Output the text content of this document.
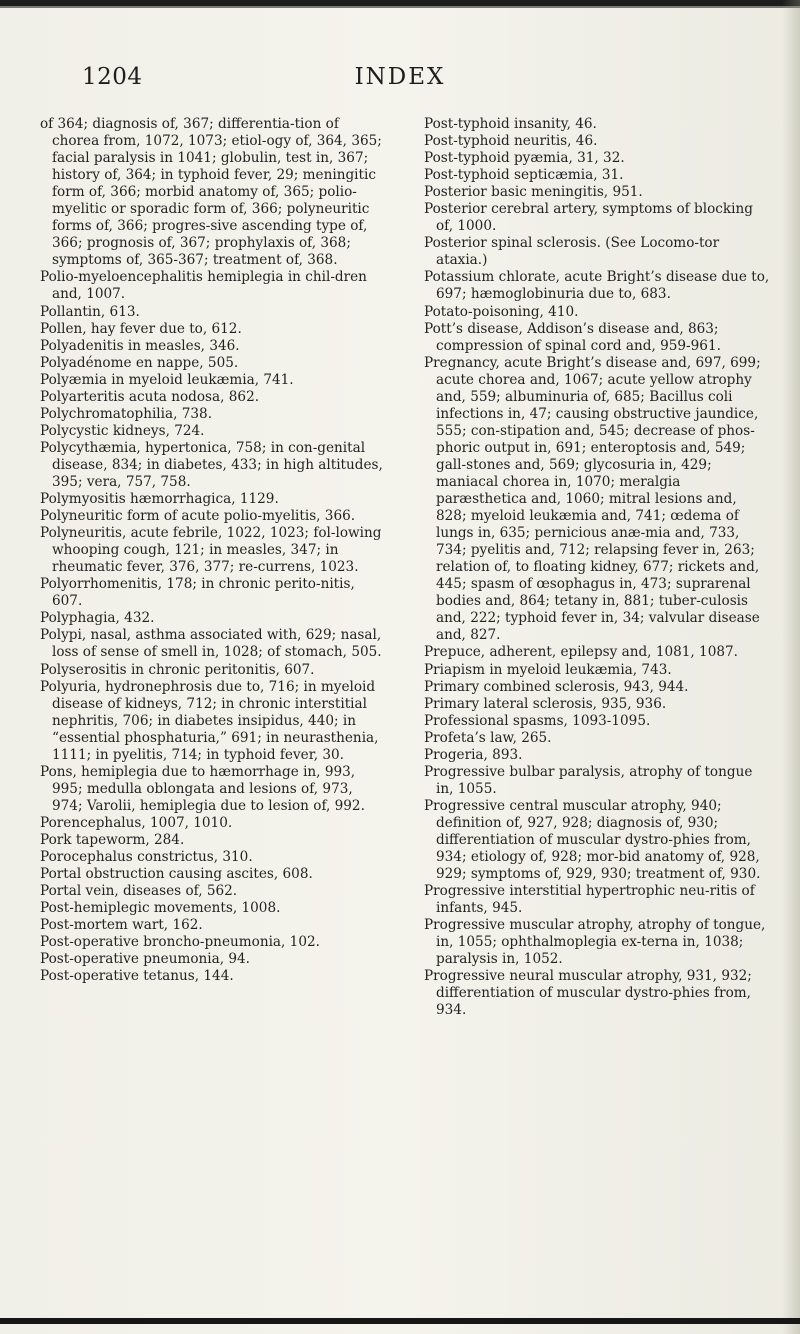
1204	INDEX

of 364; diagnosis of, 367; differentia-tion of chorea from, 1072, 1073; etiol-ogy of, 364, 365; facial paralysis in 1041; globulin, test in, 367; history of, 364; in typhoid fever, 29; meningitic form of, 366; morbid anatomy of, 365; polio-myelitic or sporadic form of, 366; polyneuritic forms of, 366; progres-sive ascending type of, 366; prognosis of, 367; prophylaxis of, 368; symptoms of, 365-367; treatment of, 368.

Polio-myeloencephalitis hemiplegia in chil-dren and, 1007.

Pollantin, 613.

Pollen, hay fever due to, 612.

Polyadenitis in measles, 346.

Polyadénome en nappe, 505.

Polyæmia in myeloid leukæmia, 741.

Polyarteritis acuta nodosa, 862.

Polychromatophilia, 738.

Polycystic kidneys, 724.

Polycythæmia, hypertonica, 758; in con-genital disease, 834; in diabetes, 433; in high altitudes, 395; vera, 757, 758.

Polymyositis hæmorrhagica, 1129.

Polyneuritic form of acute polio-myelitis, 366.

Polyneuritis, acute febrile, 1022, 1023; fol-lowing whooping cough, 121; in measles, 347; in rheumatic fever, 376, 377; re-currens, 1023.

Polyorrhomenitis, 178; in chronic perito-nitis, 607.

Polyphagia, 432.

Polypi, nasal, asthma associated with, 629; nasal, loss of sense of smell in, 1028; of stomach, 505.

Polyserositis in chronic peritonitis, 607.

Polyuria, hydronephrosis due to, 716; in myeloid disease of kidneys, 712; in chronic interstitial nephritis, 706; in diabetes insipidus, 440; in “essential phosphaturia,” 691; in neurasthenia, 1111; in pyelitis, 714; in typhoid fever, 30.

Pons, hemiplegia due to hæmorrhage in, 993, 995; medulla oblongata and lesions of, 973, 974; Varolii, hemiplegia due to lesion of, 992.

Porencephalus, 1007, 1010.

Pork tapeworm, 284.

Porocephalus constrictus, 310.

Portal obstruction causing ascites, 608.

Portal vein, diseases of, 562.

Post-hemiplegic movements, 1008.

Post-mortem wart, 162.

Post-operative broncho-pneumonia, 102.

Post-operative pneumonia, 94.

Post-operative tetanus, 144.

Post-typhoid insanity, 46.

Post-typhoid neuritis, 46.

Post-typhoid pyæmia, 31, 32.

Post-typhoid septicæmia, 31.

Posterior basic meningitis, 951.

Posterior cerebral artery, symptoms of blocking of, 1000.

Posterior spinal sclerosis. (See Locomo-tor ataxia.)

Potassium chlorate, acute Bright’s disease due to, 697; hæmoglobinuria due to, 683.

Potato-poisoning, 410.

Pott’s disease, Addison’s disease and, 863; compression of spinal cord and, 959-961.

Pregnancy, acute Bright’s disease and, 697, 699; acute chorea and, 1067; acute yellow atrophy and, 559; albuminuria of, 685; Bacillus coli infections in, 47; causing obstructive jaundice, 555; con-stipation and, 545; decrease of phos-phoric output in, 691; enteroptosis and, 549; gall-stones and, 569; glycosuria in, 429; maniacal chorea in, 1070; meralgia paræsthetica and, 1060; mitral lesions and, 828; myeloid leukæmia and, 741; œdema of lungs in, 635; pernicious anæ-mia and, 733, 734; pyelitis and, 712; relapsing fever in, 263; relation of, to floating kidney, 677; rickets and, 445; spasm of œsophagus in, 473; suprarenal bodies and, 864; tetany in, 881; tuber-culosis and, 222; typhoid fever in, 34; valvular disease and, 827.

Prepuce, adherent, epilepsy and, 1081, 1087.

Priapism in myeloid leukæmia, 743.

Primary combined sclerosis, 943, 944.

Primary lateral sclerosis, 935, 936.

Professional spasms, 1093-1095.

Profeta’s law, 265.

Progeria, 893.

Progressive bulbar paralysis, atrophy of tongue in, 1055.

Progressive central muscular atrophy, 940; definition of, 927, 928; diagnosis of, 930; differentiation of muscular dystro-phies from, 934; etiology of, 928; mor-bid anatomy of, 928, 929; symptoms of, 929, 930; treatment of, 930.

Progressive interstitial hypertrophic neu-ritis of infants, 945.

Progressive muscular atrophy, atrophy of tongue, in, 1055; ophthalmoplegia ex-terna in, 1038; paralysis in, 1052.

Progressive neural muscular atrophy, 931, 932; differentiation of muscular dystro-phies from, 934.
